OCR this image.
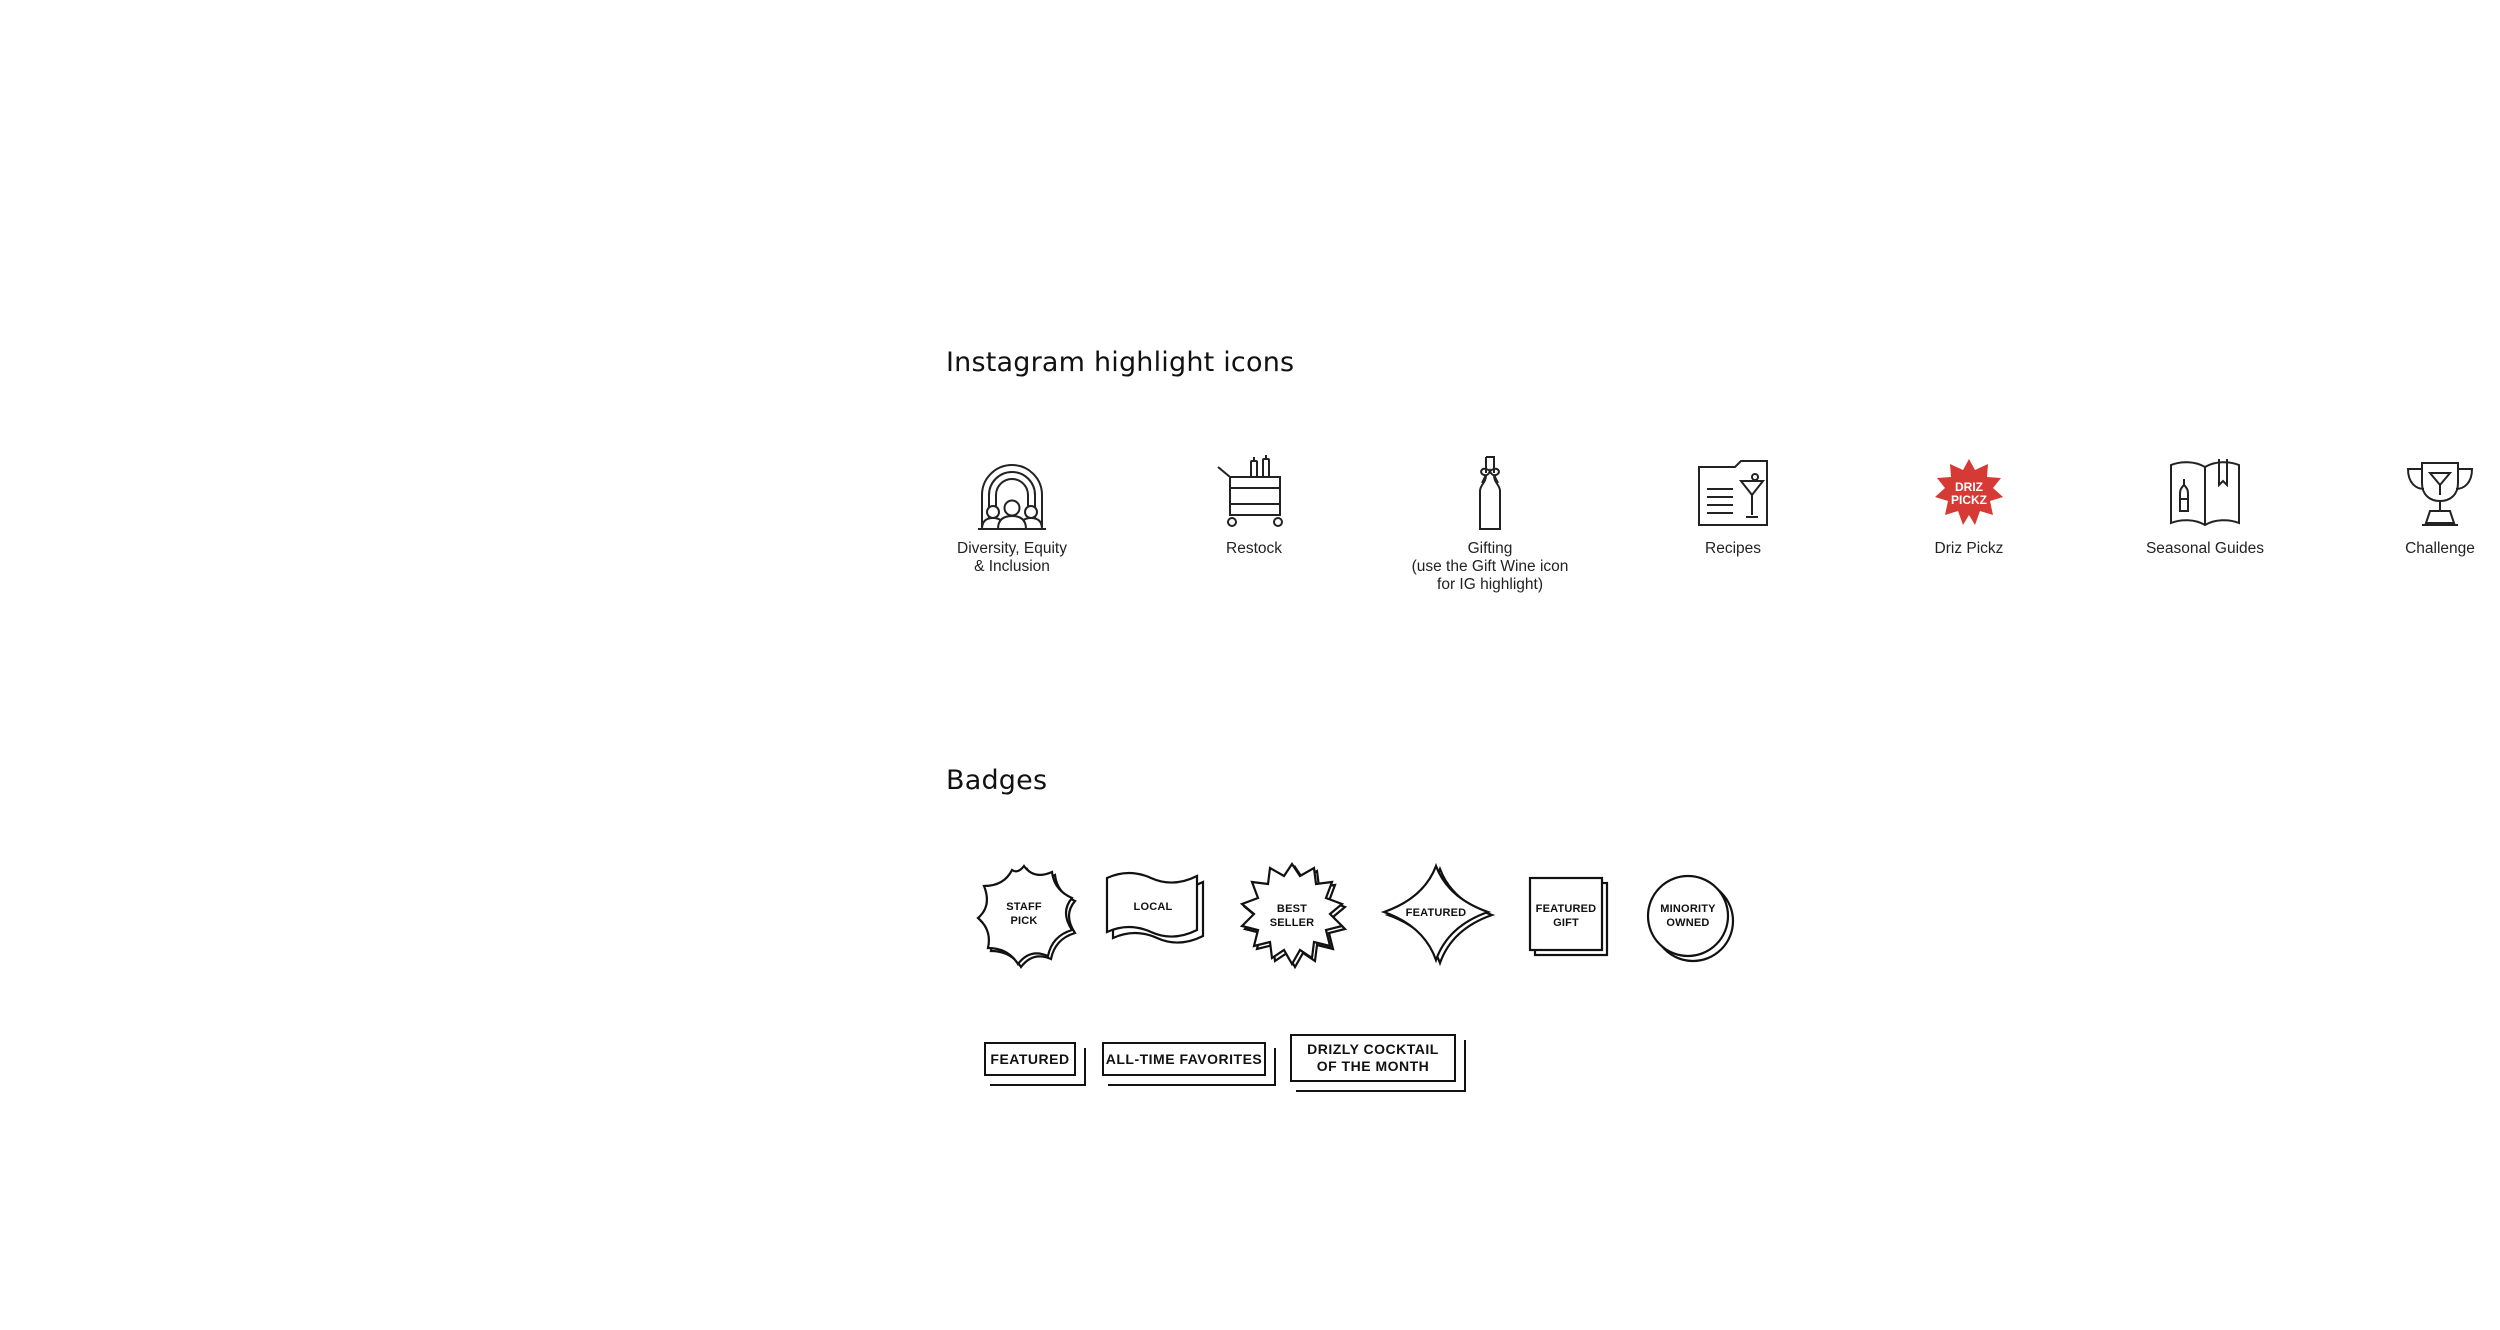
Instagram highlight icons
Badges
Diversity, Equity
& Inclusion
Restock	Gifting
(use the Gift Wine icon
for IG highlight)
Recipes
DRIZ
PICKZ
Driz Pickz	Seasonal Guides	Challenge
STAFF
PICK
LOCAL	BEST
SELLER
FEATURED	FEATURED
GIFT
MINORITY
OWNED
FEATURED	ALL-TIME FAVORITES
DRIZLY COCKTAIL
OF THE MONTH
